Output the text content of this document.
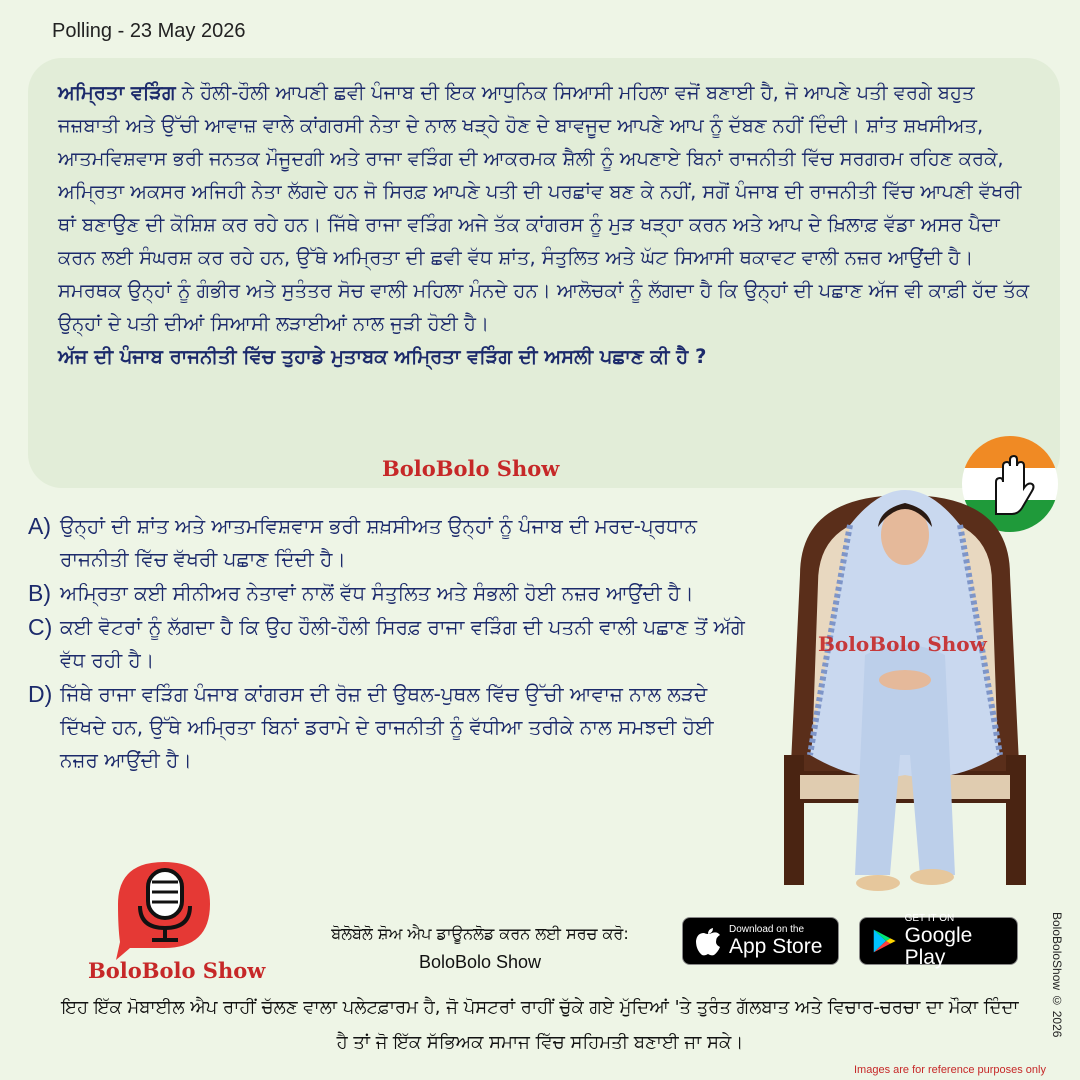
Polling - 23 May 2026
ਅਮ੍ਰਿਤਾ ਵੜਿੰਗ ਨੇ ਹੌਲੀ-ਹੌਲੀ ਆਪਣੀ ਛਵੀ ਪੰਜਾਬ ਦੀ ਇਕ ਆਧੁਨਿਕ ਸਿਆਸੀ ਮਹਿਲਾ ਵਜੋਂ ਬਣਾਈ ਹੈ, ਜੋ ਆਪਣੇ ਪਤੀ ਵਰਗੇ ਬਹੁਤ ਜਜ਼ਬਾਤੀ ਅਤੇ ਉੱਚੀ ਆਵਾਜ਼ ਵਾਲੇ ਕਾਂਗਰਸੀ ਨੇਤਾ ਦੇ ਨਾਲ ਖੜ੍ਹੇ ਹੋਣ ਦੇ ਬਾਵਜੂਦ ਆਪਣੇ ਆਪ ਨੂੰ ਦੱਬਣ ਨਹੀਂ ਦਿੰਦੀ। ਸ਼ਾਂਤ ਸ਼ਖਸੀਅਤ, ਆਤਮਵਿਸ਼ਵਾਸ ਭਰੀ ਜਨਤਕ ਮੌਜੂਦਗੀ ਅਤੇ ਰਾਜਾ ਵੜਿੰਗ ਦੀ ਆਕਰਮਕ ਸ਼ੈਲੀ ਨੂੰ ਅਪਣਾਏ ਬਿਨਾਂ ਰਾਜਨੀਤੀ ਵਿੱਚ ਸਰਗਰਮ ਰਹਿਣ ਕਰਕੇ, ਅਮ੍ਰਿਤਾ ਅਕਸਰ ਅਜਿਹੀ ਨੇਤਾ ਲੱਗਦੇ ਹਨ ਜੋ ਸਿਰਫ਼ ਆਪਣੇ ਪਤੀ ਦੀ ਪਰਛਾਂਵ ਬਣ ਕੇ ਨਹੀਂ, ਸਗੋਂ ਪੰਜਾਬ ਦੀ ਰਾਜਨੀਤੀ ਵਿੱਚ ਆਪਣੀ ਵੱਖਰੀ ਥਾਂ ਬਣਾਉਣ ਦੀ ਕੋਸ਼ਿਸ਼ ਕਰ ਰਹੇ ਹਨ। ਜਿੱਥੇ ਰਾਜਾ ਵੜਿੰਗ ਅਜੇ ਤੱਕ ਕਾਂਗਰਸ ਨੂੰ ਮੁੜ ਖੜ੍ਹਾ ਕਰਨ ਅਤੇ ਆਪ ਦੇ ਖ਼ਿਲਾਫ਼ ਵੱਡਾ ਅਸਰ ਪੈਦਾ ਕਰਨ ਲਈ ਸੰਘਰਸ਼ ਕਰ ਰਹੇ ਹਨ, ਉੱਥੇ ਅਮ੍ਰਿਤਾ ਦੀ ਛਵੀ ਵੱਧ ਸ਼ਾਂਤ, ਸੰਤੁਲਿਤ ਅਤੇ ਘੱਟ ਸਿਆਸੀ ਥਕਾਵਟ ਵਾਲੀ ਨਜ਼ਰ ਆਉਂਦੀ ਹੈ। ਸਮਰਥਕ ਉਨ੍ਹਾਂ ਨੂੰ ਗੰਭੀਰ ਅਤੇ ਸੁਤੰਤਰ ਸੋਚ ਵਾਲੀ ਮਹਿਲਾ ਮੰਨਦੇ ਹਨ। ਆਲੋਚਕਾਂ ਨੂੰ ਲੱਗਦਾ ਹੈ ਕਿ ਉਨ੍ਹਾਂ ਦੀ ਪਛਾਣ ਅੱਜ ਵੀ ਕਾਫ਼ੀ ਹੱਦ ਤੱਕ ਉਨ੍ਹਾਂ ਦੇ ਪਤੀ ਦੀਆਂ ਸਿਆਸੀ ਲੜਾਈਆਂ ਨਾਲ ਜੁੜੀ ਹੋਈ ਹੈ।
ਅੱਜ ਦੀ ਪੰਜਾਬ ਰਾਜਨੀਤੀ ਵਿੱਚ ਤੁਹਾਡੇ ਮੁਤਾਬਕ ਅਮ੍ਰਿਤਾ ਵੜਿੰਗ ਦੀ ਅਸਲੀ ਪਛਾਣ ਕੀ ਹੈ ?
BoloBolo Show
A) ਉਨ੍ਹਾਂ ਦੀ ਸ਼ਾਂਤ ਅਤੇ ਆਤਮਵਿਸ਼ਵਾਸ ਭਰੀ ਸ਼ਖ਼ਸੀਅਤ ਉਨ੍ਹਾਂ ਨੂੰ ਪੰਜਾਬ ਦੀ ਮਰਦ-ਪ੍ਰਧਾਨ ਰਾਜਨੀਤੀ ਵਿੱਚ ਵੱਖਰੀ ਪਛਾਣ ਦਿੰਦੀ ਹੈ।
B) ਅਮ੍ਰਿਤਾ ਕਈ ਸੀਨੀਅਰ ਨੇਤਾਵਾਂ ਨਾਲੋਂ ਵੱਧ ਸੰਤੁਲਿਤ ਅਤੇ ਸੰਭਲੀ ਹੋਈ ਨਜ਼ਰ ਆਉਂਦੀ ਹੈ।
C) ਕਈ ਵੋਟਰਾਂ ਨੂੰ ਲੱਗਦਾ ਹੈ ਕਿ ਉਹ ਹੌਲੀ-ਹੌਲੀ ਸਿਰਫ਼ ਰਾਜਾ ਵੜਿੰਗ ਦੀ ਪਤਨੀ ਵਾਲੀ ਪਛਾਣ ਤੋਂ ਅੱਗੇ ਵੱਧ ਰਹੀ ਹੈ।
D) ਜਿੱਥੇ ਰਾਜਾ ਵੜਿੰਗ ਪੰਜਾਬ ਕਾਂਗਰਸ ਦੀ ਰੋਜ਼ ਦੀ ਉਥਲ-ਪੁਥਲ ਵਿੱਚ ਉੱਚੀ ਆਵਾਜ਼ ਨਾਲ ਲੜਦੇ ਦਿੱਖਦੇ ਹਨ, ਉੱਥੇ ਅਮ੍ਰਿਤਾ ਬਿਨਾਂ ਡਰਾਮੇ ਦੇ ਰਾਜਨੀਤੀ ਨੂੰ ਵੱਧੀਆ ਤਰੀਕੇ ਨਾਲ ਸਮਝਦੀ ਹੋਈ ਨਜ਼ਰ ਆਉਂਦੀ ਹੈ।
BoloBolo Show
BoloBolo Show
ਬੋਲੋਬੋਲੋ ਸ਼ੋਅ ਐਪ ਡਾਊਨਲੋਡ ਕਰਨ ਲਈ ਸਰਚ ਕਰੋ:
BoloBolo Show
Download on the
App Store
GET IT ON
Google Play
ਇਹ ਇੱਕ ਮੋਬਾਈਲ ਐਪ ਰਾਹੀਂ ਚੱਲਣ ਵਾਲਾ ਪਲੇਟਫ਼ਾਰਮ ਹੈ, ਜੋ ਪੋਸਟਰਾਂ ਰਾਹੀਂ ਚੁੱਕੇ ਗਏ ਮੁੱਦਿਆਂ 'ਤੇ ਤੁਰੰਤ ਗੱਲਬਾਤ ਅਤੇ ਵਿਚਾਰ-ਚਰਚਾ ਦਾ ਮੌਕਾ ਦਿੰਦਾ ਹੈ ਤਾਂ ਜੋ ਇੱਕ ਸੱਭਿਅਕ ਸਮਾਜ ਵਿੱਚ ਸਹਿਮਤੀ ਬਣਾਈ ਜਾ ਸਕੇ।
BoloBoloShow © 2026
Images are for reference purposes only
